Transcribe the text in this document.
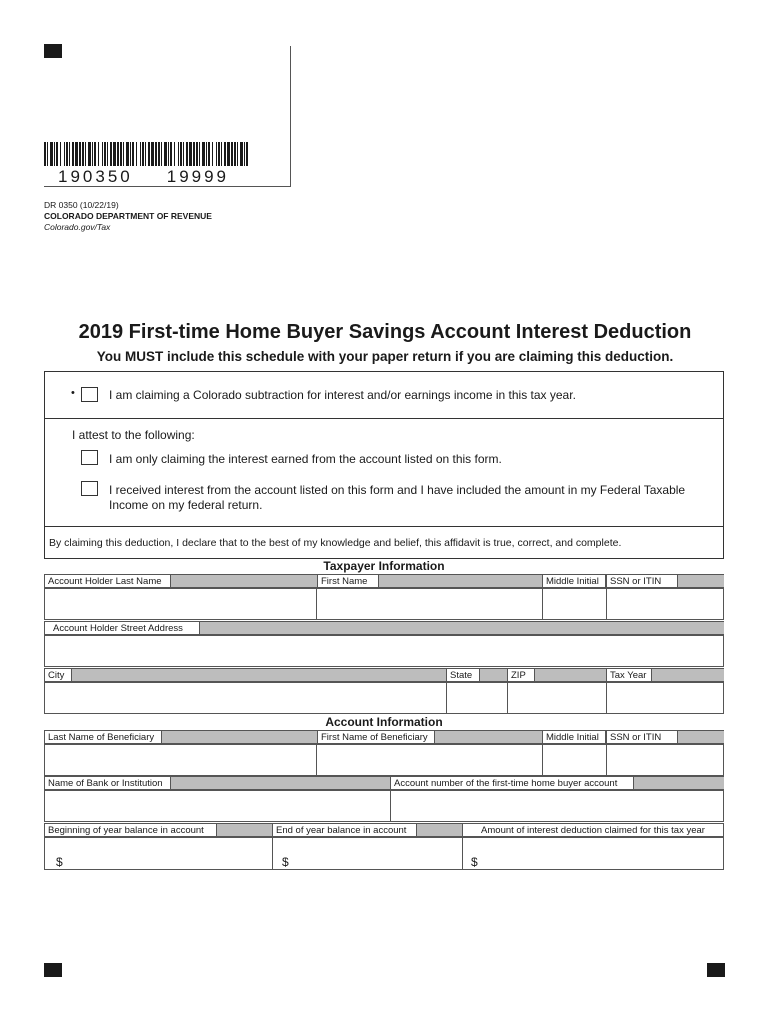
190350 19999
DR 0350 (10/22/19)
COLORADO DEPARTMENT OF REVENUE
Colorado.gov/Tax
2019 First-time Home Buyer Savings Account Interest Deduction
You MUST include this schedule with your paper return if you are claiming this deduction.
•	I am claiming a Colorado subtraction for interest and/or earnings income in this tax year.
I attest to the following:
I am only claiming the interest earned from the account listed on this form.
I received interest from the account listed on this form and I have included the amount in my Federal Taxable
Income on my federal return.
By claiming this deduction, I declare that to the best of my knowledge and belief, this affidavit is true, correct, and complete.
Taxpayer Information
Account Holder Last Name	First Name	Middle Initial	SSN or ITIN
Account Holder Street Address
City	State	ZIP	Tax Year
Account Information
Last Name of Beneficiary	First Name of Beneficiary	Middle Initial	SSN or ITIN
Name of Bank or Institution	Account number of the first-time home buyer account
Beginning of year balance in account	End of year balance in account	Amount of interest deduction claimed for this tax year
$	$	$
